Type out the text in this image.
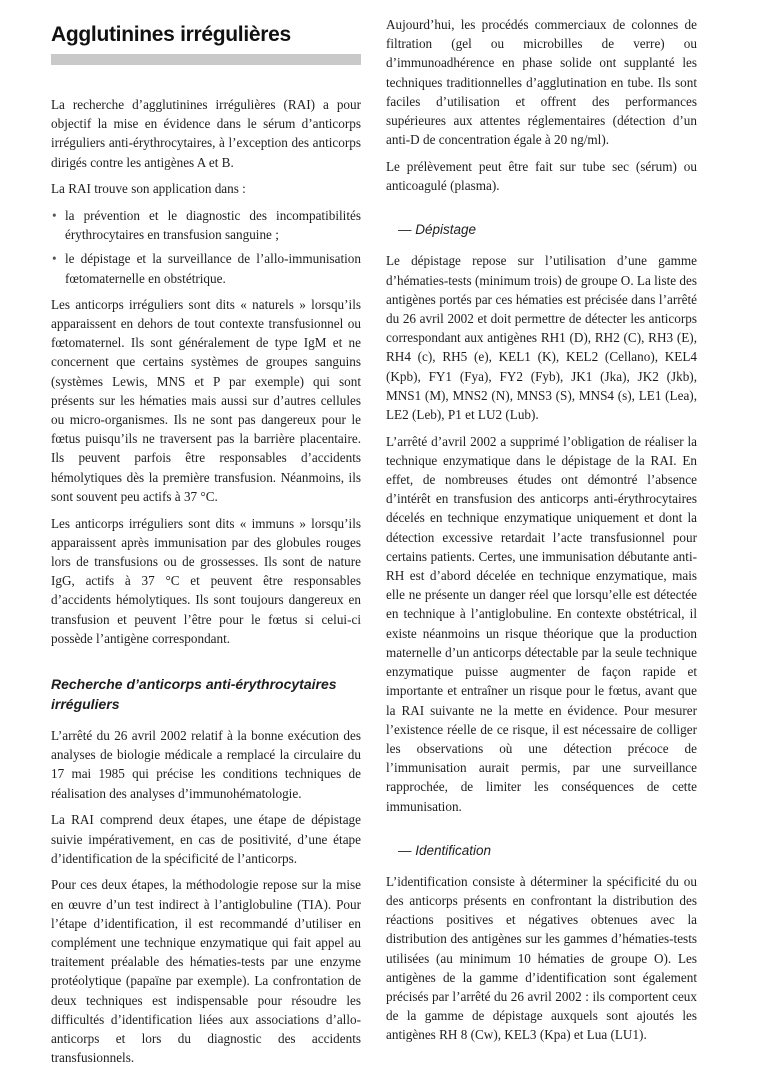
Agglutinines irrégulières

La recherche d’agglutinines irrégulières (RAI) a pour objectif la mise en évidence dans le sérum d’anticorps irréguliers anti-érythrocytaires, à l’exception des anticorps dirigés contre les antigènes A et B.

La RAI trouve son application dans :

• la prévention et le diagnostic des incompatibilités érythrocytaires en transfusion sanguine ;
• le dépistage et la surveillance de l’allo-immunisation fœtomaternelle en obstétrique.

Les anticorps irréguliers sont dits « naturels » lorsqu’ils apparaissent en dehors de tout contexte transfusionnel ou fœtomaternel. Ils sont généralement de type IgM et ne concernent que certains systèmes de groupes sanguins (systèmes Lewis, MNS et P par exemple) qui sont présents sur les hématies mais aussi sur d’autres cellules ou micro-organismes. Ils ne sont pas dangereux pour le fœtus puisqu’ils ne traversent pas la barrière placentaire. Ils peuvent parfois être responsables d’accidents hémolytiques dès la première transfusion. Néanmoins, ils sont souvent peu actifs à 37 °C.

Les anticorps irréguliers sont dits « immuns » lorsqu’ils apparaissent après immunisation par des globules rouges lors de transfusions ou de grossesses. Ils sont de nature IgG, actifs à 37 °C et peuvent être responsables d’accidents hémolytiques. Ils sont toujours dangereux en transfusion et peuvent l’être pour le fœtus si celui-ci possède l’antigène correspondant.

Recherche d’anticorps anti-érythrocytaires irréguliers

L’arrêté du 26 avril 2002 relatif à la bonne exécution des analyses de biologie médicale a remplacé la circulaire du 17 mai 1985 qui précise les conditions techniques de réalisation des analyses d’immunohématologie.

La RAI comprend deux étapes, une étape de dépistage suivie impérativement, en cas de positivité, d’une étape d’identification de la spécificité de l’anticorps.

Pour ces deux étapes, la méthodologie repose sur la mise en œuvre d’un test indirect à l’antiglobuline (TIA). Pour l’étape d’identification, il est recommandé d’utiliser en complément une technique enzymatique qui fait appel au traitement préalable des hématies-tests par une enzyme protéolytique (papaïne par exemple). La confrontation de deux techniques est indispensable pour résoudre les difficultés d’identification liées aux associations d’allo-anticorps et lors du diagnostic des accidents transfusionnels.

Aujourd’hui, les procédés commerciaux de colonnes de filtration (gel ou microbilles de verre) ou d’immunoadhérence en phase solide ont supplanté les techniques traditionnelles d’agglutination en tube. Ils sont faciles d’utilisation et offrent des performances supérieures aux attentes réglementaires (détection d’un anti-D de concentration égale à 20 ng/ml).

Le prélèvement peut être fait sur tube sec (sérum) ou anticoagulé (plasma).

— Dépistage

Le dépistage repose sur l’utilisation d’une gamme d’hématies-tests (minimum trois) de groupe O. La liste des antigènes portés par ces hématies est précisée dans l’arrêté du 26 avril 2002 et doit permettre de détecter les anticorps correspondant aux antigènes RH1 (D), RH2 (C), RH3 (E), RH4 (c), RH5 (e), KEL1 (K), KEL2 (Cellano), KEL4 (Kpb), FY1 (Fya), FY2 (Fyb), JK1 (Jka), JK2 (Jkb), MNS1 (M), MNS2 (N), MNS3 (S), MNS4 (s), LE1 (Lea), LE2 (Leb), P1 et LU2 (Lub).

L’arrêté d’avril 2002 a supprimé l’obligation de réaliser la technique enzymatique dans le dépistage de la RAI. En effet, de nombreuses études ont démontré l’absence d’intérêt en transfusion des anticorps anti-érythrocytaires décelés en technique enzymatique uniquement et dont la détection excessive retardait l’acte transfusionnel pour certains patients. Certes, une immunisation débutante anti-RH est d’abord décelée en technique enzymatique, mais elle ne présente un danger réel que lorsqu’elle est détectée en technique à l’antiglobuline. En contexte obstétrical, il existe néanmoins un risque théorique que la production maternelle d’un anticorps détectable par la seule technique enzymatique puisse augmenter de façon rapide et importante et entraîner un risque pour le fœtus, avant que la RAI suivante ne la mette en évidence. Pour mesurer l’existence réelle de ce risque, il est nécessaire de colliger les observations où une détection précoce de l’immunisation aurait permis, par une surveillance rapprochée, de limiter les conséquences de cette immunisation.

— Identification

L’identification consiste à déterminer la spécificité du ou des anticorps présents en confrontant la distribution des réactions positives et négatives obtenues avec la distribution des antigènes sur les gammes d’hématies-tests utilisées (au minimum 10 hématies de groupe O). Les antigènes de la gamme d’identification sont également précisés par l’arrêté du 26 avril 2002 : ils comportent ceux de la gamme de dépistage auxquels sont ajoutés les antigènes RH 8 (Cw), KEL3 (Kpa) et Lua (LU1).
